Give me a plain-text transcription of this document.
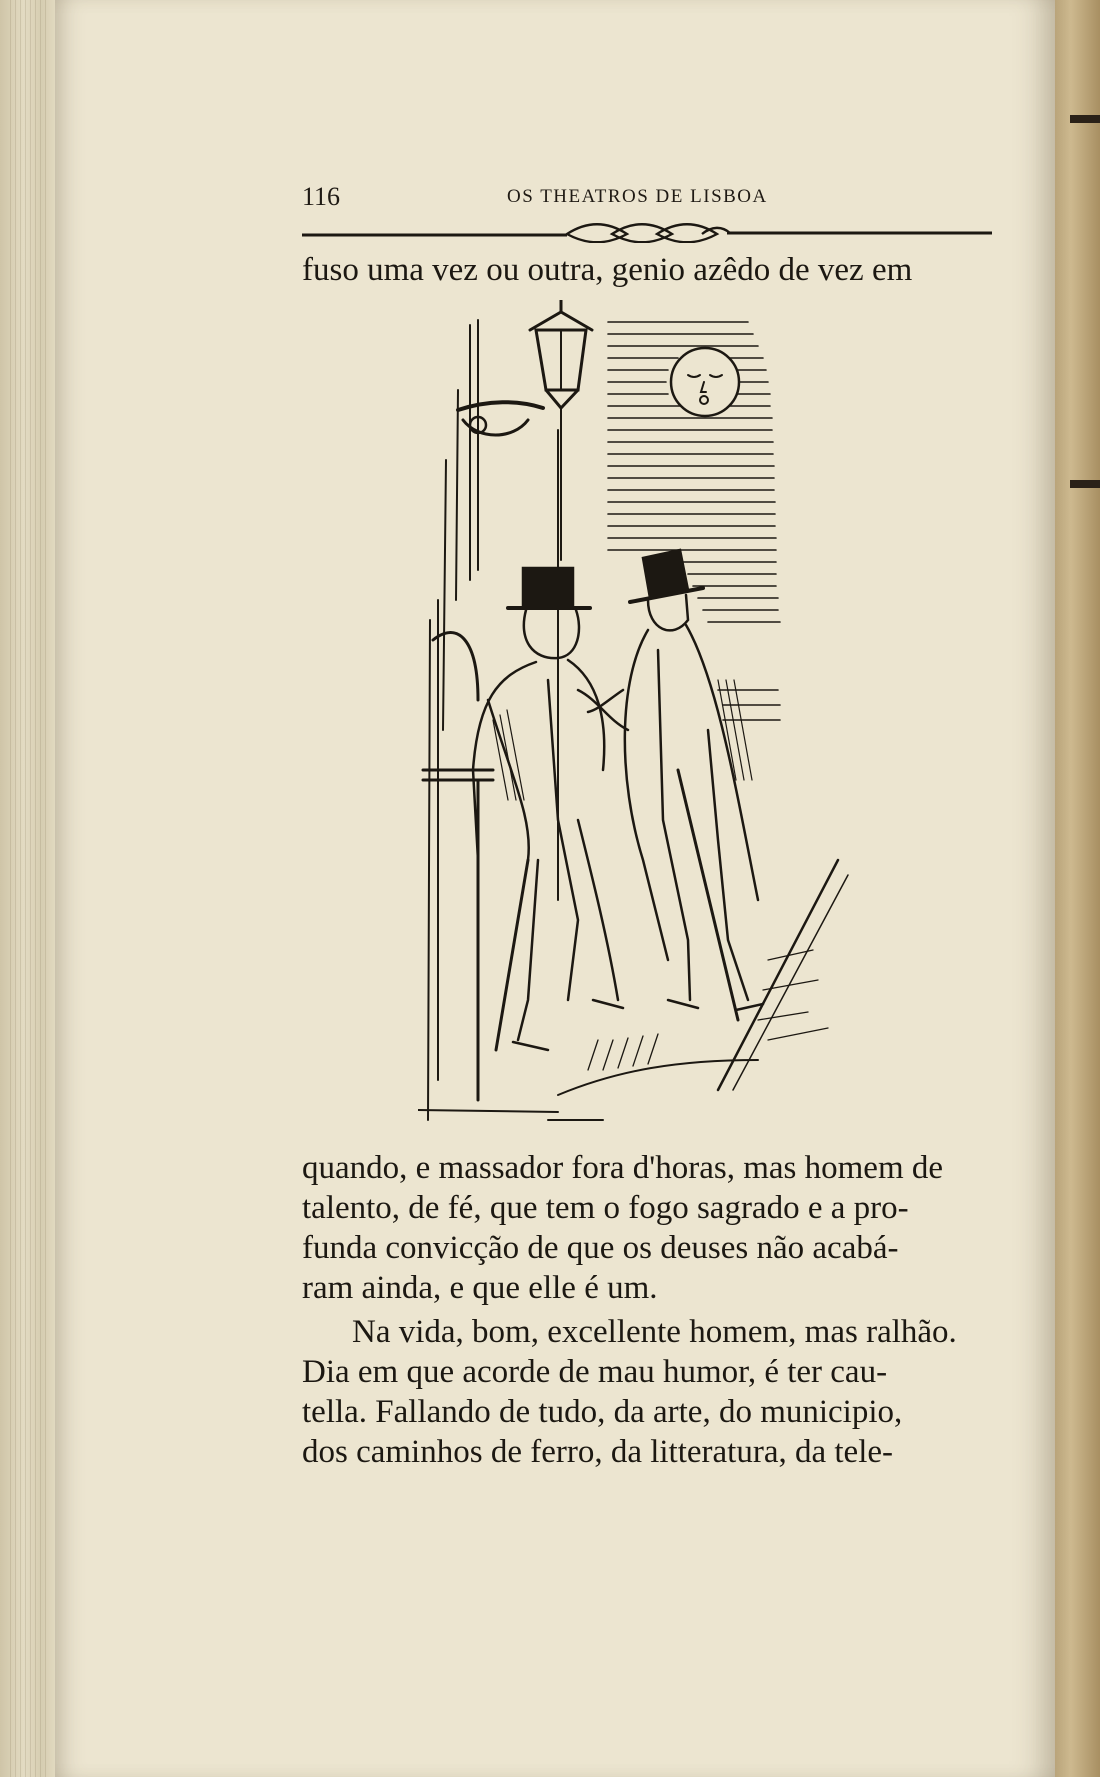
116	OS THEATROS DE LISBOA
fuso uma vez ou outra, genio azêdo de vez em
quando, e massador fora d'horas, mas homem de
talento, de fé, que tem o fogo sagrado e a pro-
funda convicção de que os deuses não acabá-
ram ainda, e que elle é um.
Na vida, bom, excellente homem, mas ralhão.
Dia em que acorde de mau humor, é ter cau-
tella. Fallando de tudo, da arte, do municipio,
dos caminhos de ferro, da litteratura, da tele-
